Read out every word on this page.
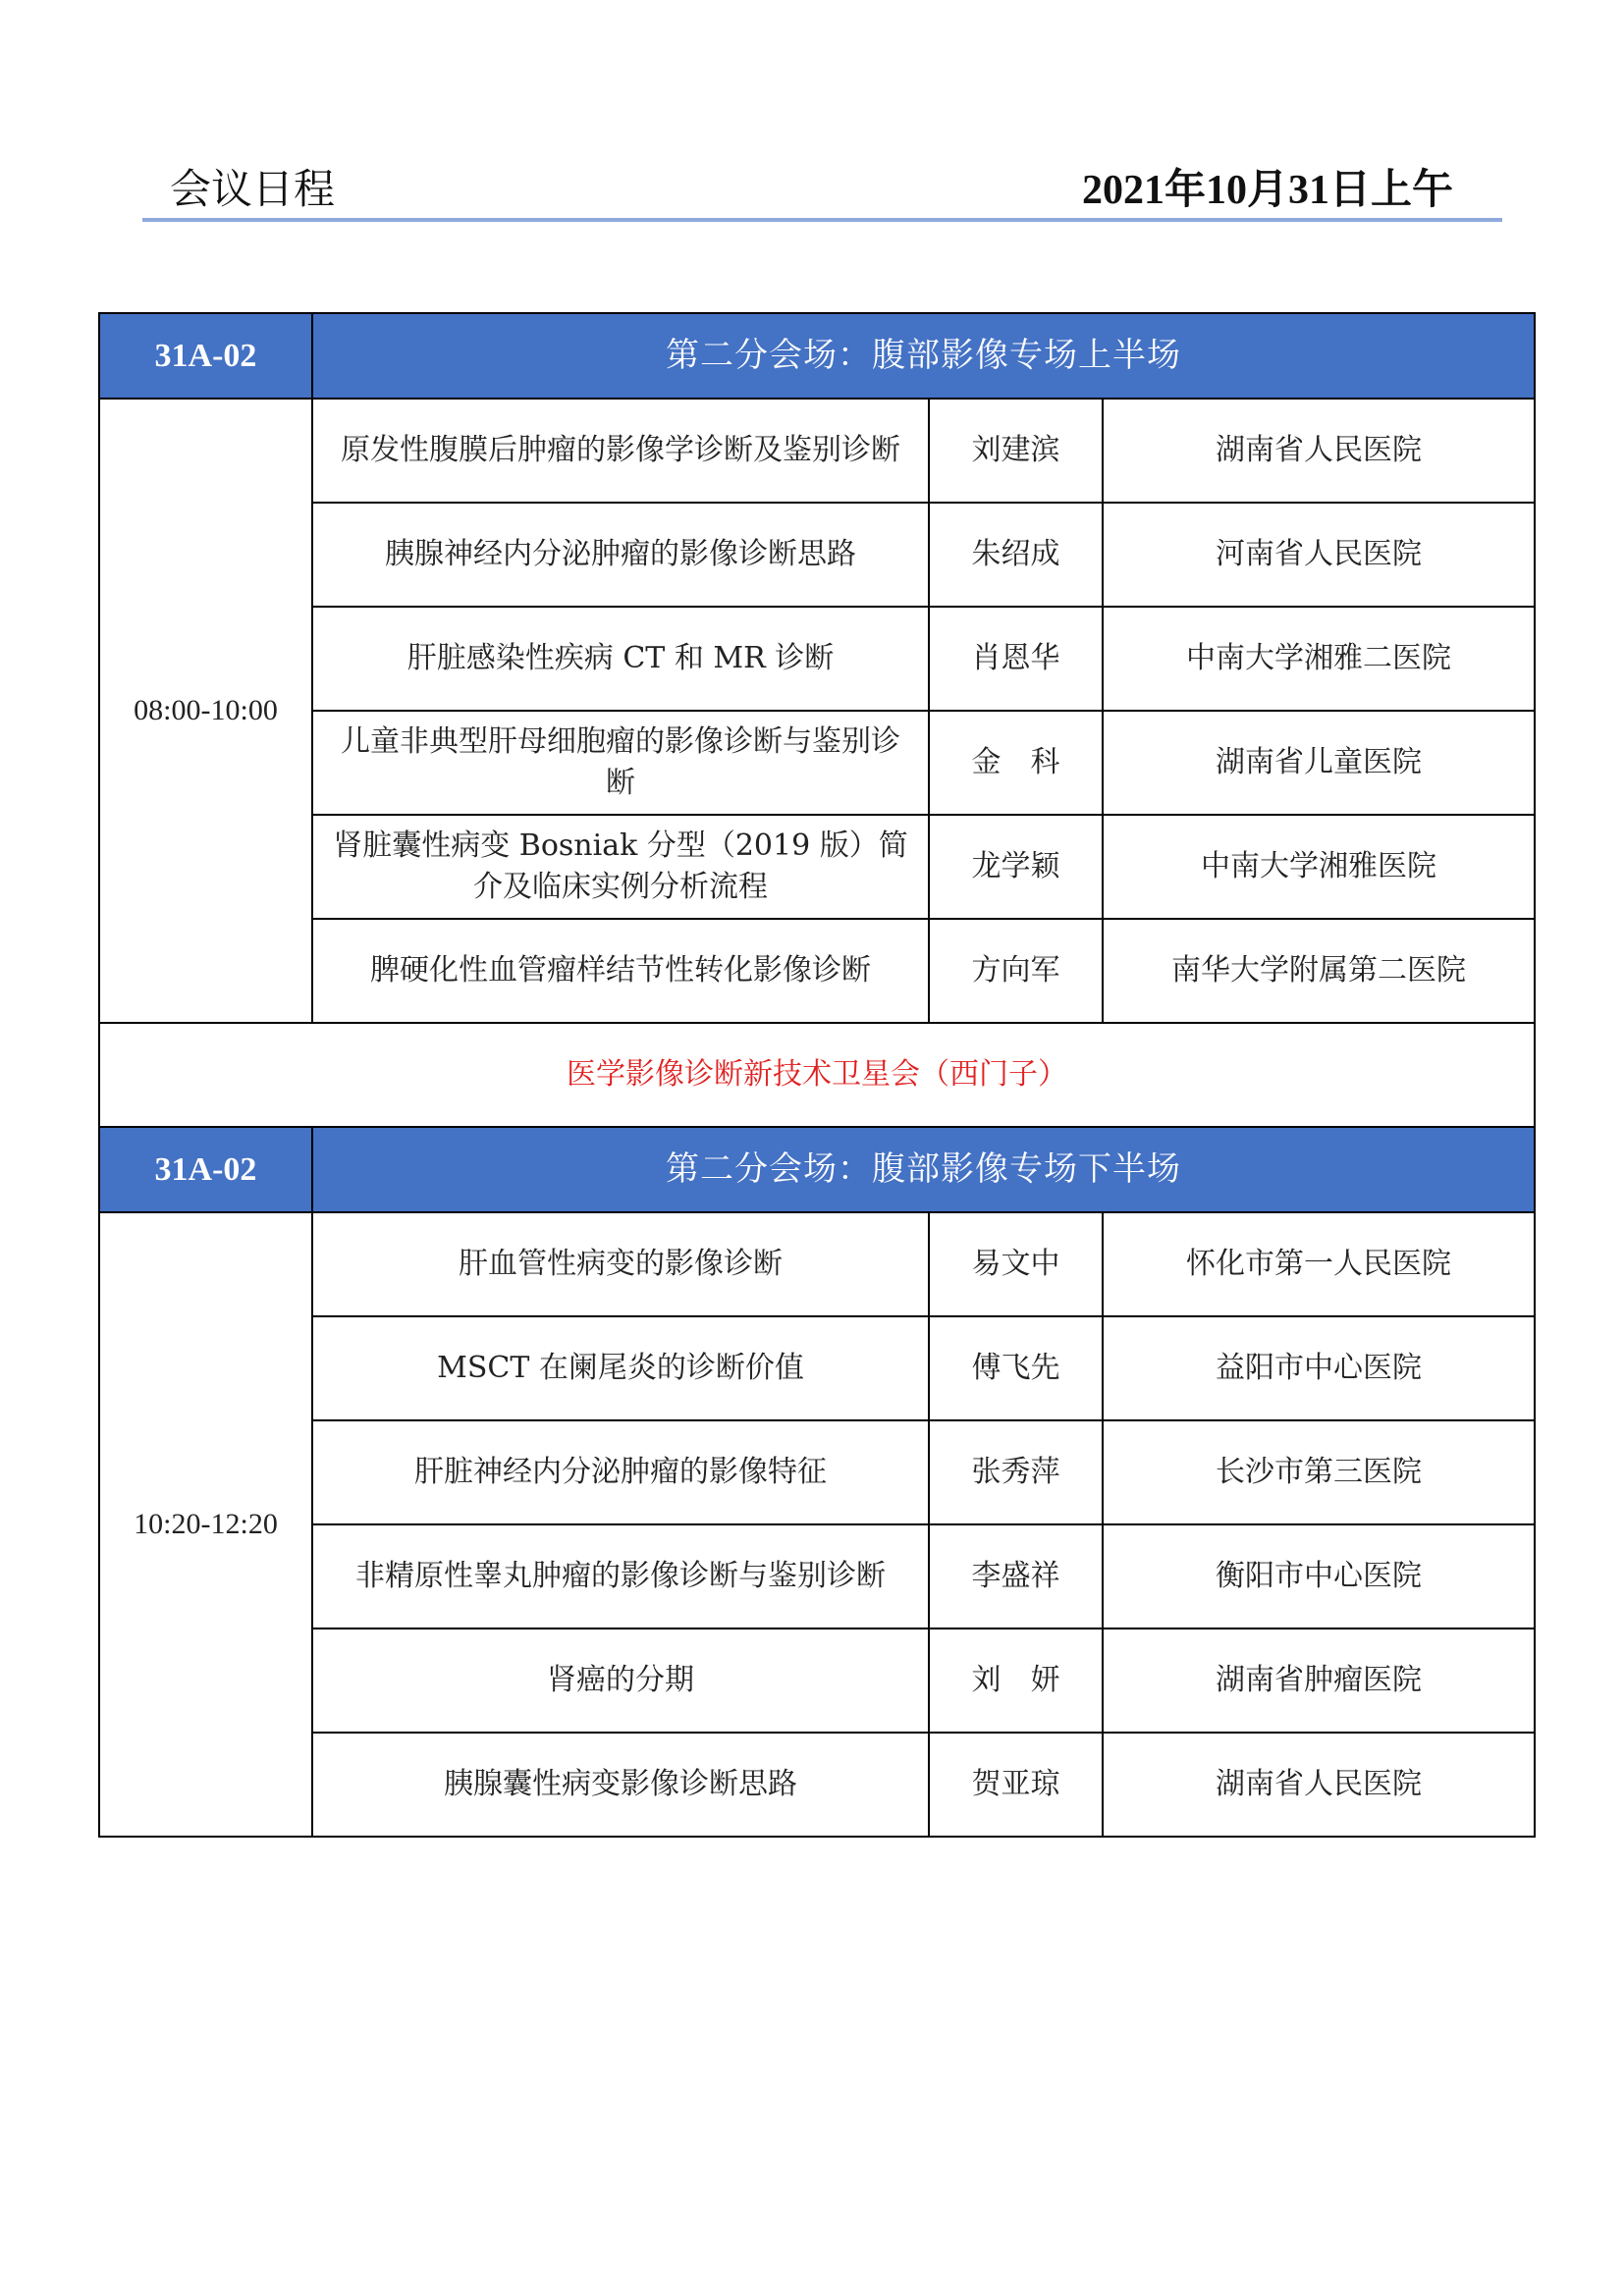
会议日程	2021年10月31日上午
31A-02	第二分会场：腹部影像专场上半场		
08:00-10:00	原发性腹膜后肿瘤的影像学诊断及鉴别诊断	刘建滨	湖南省人民医院
	胰腺神经内分泌肿瘤的影像诊断思路	朱绍成	河南省人民医院
	肝脏感染性疾病 CT 和 MR 诊断	肖恩华	中南大学湘雅二医院
	儿童非典型肝母细胞瘤的影像诊断与鉴别诊断	金　科	湖南省儿童医院
	肾脏囊性病变 Bosniak 分型（2019 版）简介及临床实例分析流程	龙学颖	中南大学湘雅医院
	脾硬化性血管瘤样结节性转化影像诊断	方向军	南华大学附属第二医院
医学影像诊断新技术卫星会（西门子）			
31A-02	第二分会场：腹部影像专场下半场		
10:20-12:20	肝血管性病变的影像诊断	易文中	怀化市第一人民医院
	MSCT 在阑尾炎的诊断价值	傅飞先	益阳市中心医院
	肝脏神经内分泌肿瘤的影像特征	张秀萍	长沙市第三医院
	非精原性睾丸肿瘤的影像诊断与鉴别诊断	李盛祥	衡阳市中心医院
	肾癌的分期	刘　妍	湖南省肿瘤医院
	胰腺囊性病变影像诊断思路	贺亚琼	湖南省人民医院
